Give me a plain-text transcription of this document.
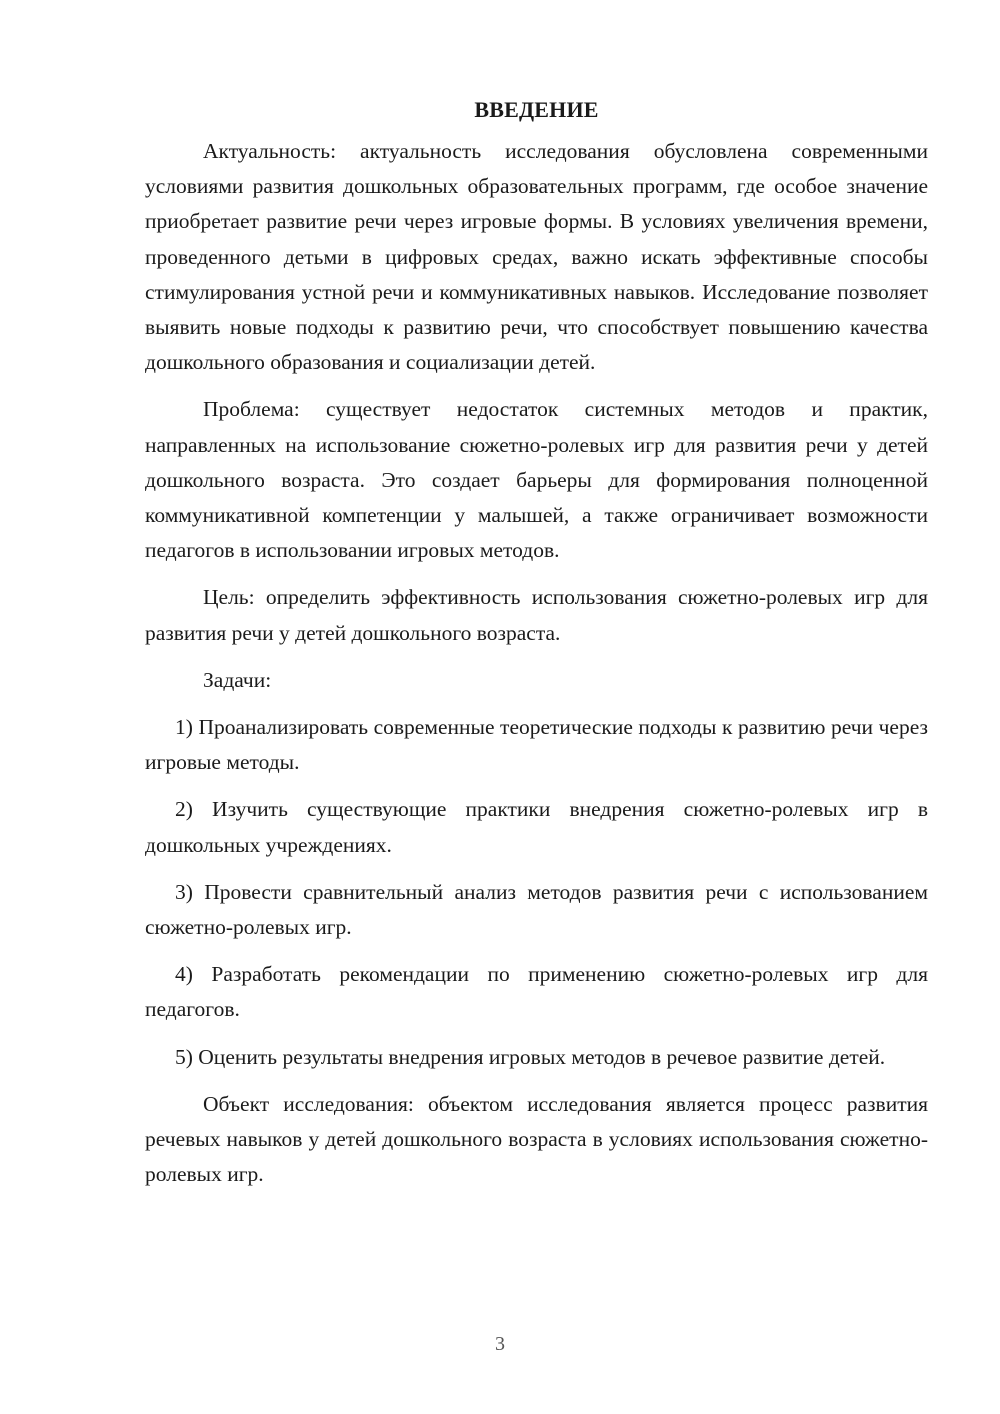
ВВЕДЕНИЕ

Актуальность: актуальность исследования обусловлена современными условиями развития дошкольных образовательных программ, где особое значение приобретает развитие речи через игровые формы. В условиях увеличения времени, проведенного детьми в цифровых средах, важно искать эффективные способы стимулирования устной речи и коммуникативных навыков. Исследование позволяет выявить новые подходы к развитию речи, что способствует повышению качества дошкольного образования и социализации детей.

Проблема: существует недостаток системных методов и практик, направленных на использование сюжетно-ролевых игр для развития речи у детей дошкольного возраста. Это создает барьеры для формирования полноценной коммуникативной компетенции у малышей, а также ограничивает возможности педагогов в использовании игровых методов.

Цель: определить эффективность использования сюжетно-ролевых игр для развития речи у детей дошкольного возраста.

Задачи:

1) Проанализировать современные теоретические подходы к развитию речи через игровые методы.

2) Изучить существующие практики внедрения сюжетно-ролевых игр в дошкольных учреждениях.

3) Провести сравнительный анализ методов развития речи с использованием сюжетно-ролевых игр.

4) Разработать рекомендации по применению сюжетно-ролевых игр для педагогов.

5) Оценить результаты внедрения игровых методов в речевое развитие детей.

Объект исследования: объектом исследования является процесс развития речевых навыков у детей дошкольного возраста в условиях использования сюжетно-ролевых игр.

3
